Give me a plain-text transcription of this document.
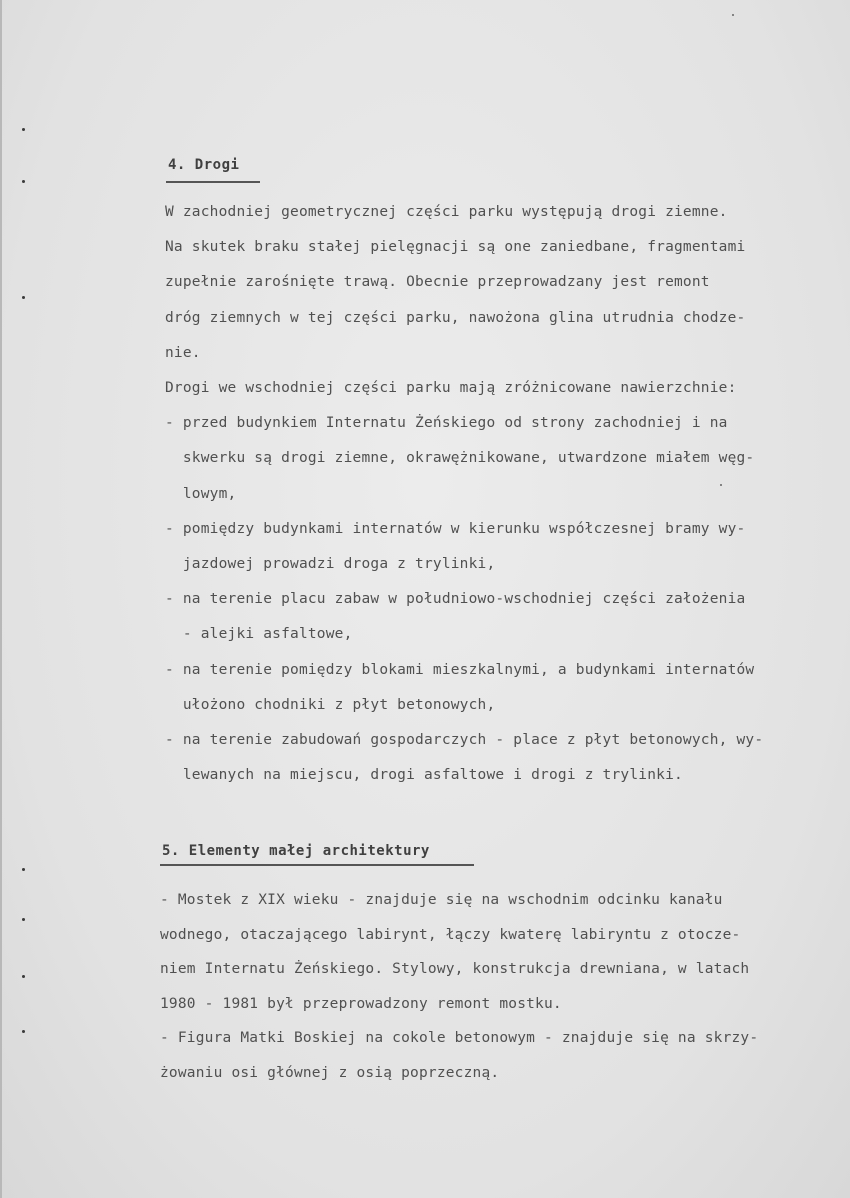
4. Drogi
W zachodniej geometrycznej części parku występują drogi ziemne.
Na skutek braku stałej pielęgnacji są one zaniedbane, fragmentami
zupełnie zarośnięte trawą. Obecnie przeprowadzany jest remont
dróg ziemnych w tej części parku, nawożona glina utrudnia chodze-
nie.
Drogi we wschodniej części parku mają zróżnicowane nawierzchnie:
- przed budynkiem Internatu Żeńskiego od strony zachodniej i na
skwerku są drogi ziemne, okrawężnikowane, utwardzone miałem węg-
lowym,
- pomiędzy budynkami internatów w kierunku współczesnej bramy wy-
jazdowej prowadzi droga z trylinki,
- na terenie placu zabaw w południowo-wschodniej części założenia
- alejki asfaltowe,
- na terenie pomiędzy blokami mieszkalnymi, a budynkami internatów
ułożono chodniki z płyt betonowych,
- na terenie zabudowań gospodarczych - place z płyt betonowych, wy-
lewanych na miejscu, drogi asfaltowe i drogi z trylinki.
5. Elementy małej architektury
- Mostek z XIX wieku - znajduje się na wschodnim odcinku kanału
wodnego, otaczającego labirynt, łączy kwaterę labiryntu z otocze-
niem Internatu Żeńskiego. Stylowy, konstrukcja drewniana, w latach
1980 - 1981 był przeprowadzony remont mostku.
- Figura Matki Boskiej na cokole betonowym - znajduje się na skrzy-
żowaniu osi głównej z osią poprzeczną.
